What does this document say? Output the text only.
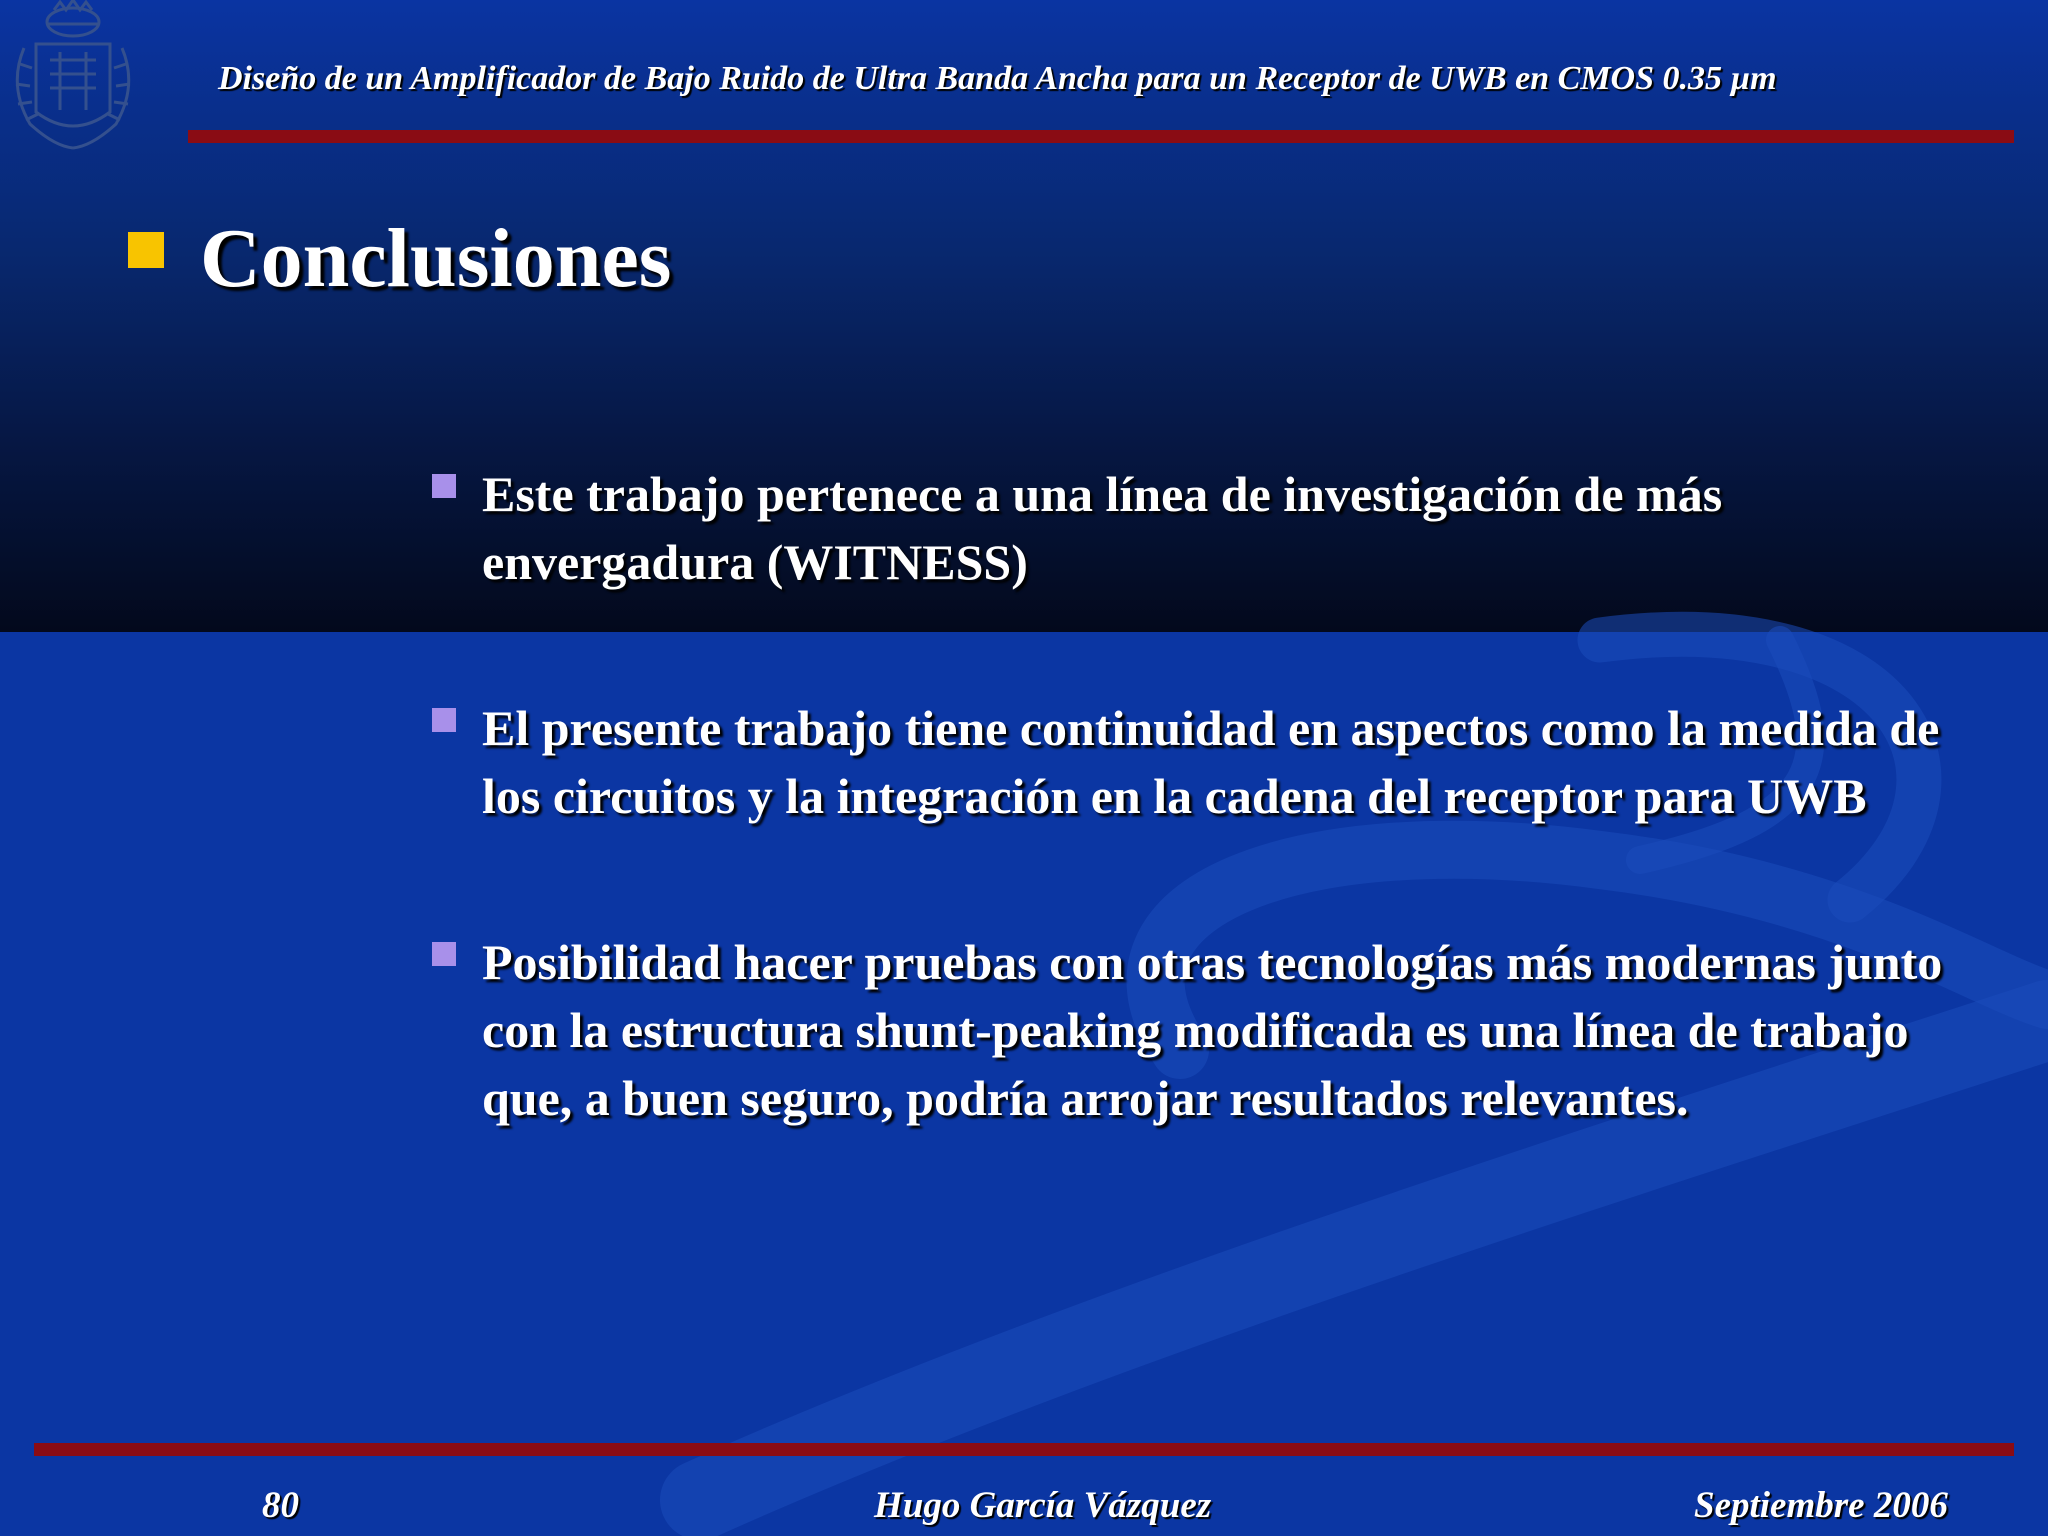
Diseño de un Amplificador de Bajo Ruido de Ultra Banda Ancha para un Receptor de UWB en CMOS 0.35 µm
Conclusiones
Este trabajo pertenece a una línea de investigación de más envergadura (WITNESS)
El presente trabajo tiene continuidad en aspectos como la medida de los circuitos y la integración en la cadena del receptor para UWB
Posibilidad hacer pruebas con otras tecnologías más modernas junto con la estructura shunt-peaking modificada es una línea de trabajo que, a buen seguro, podría arrojar resultados relevantes.
80	Hugo García Vázquez	Septiembre 2006
